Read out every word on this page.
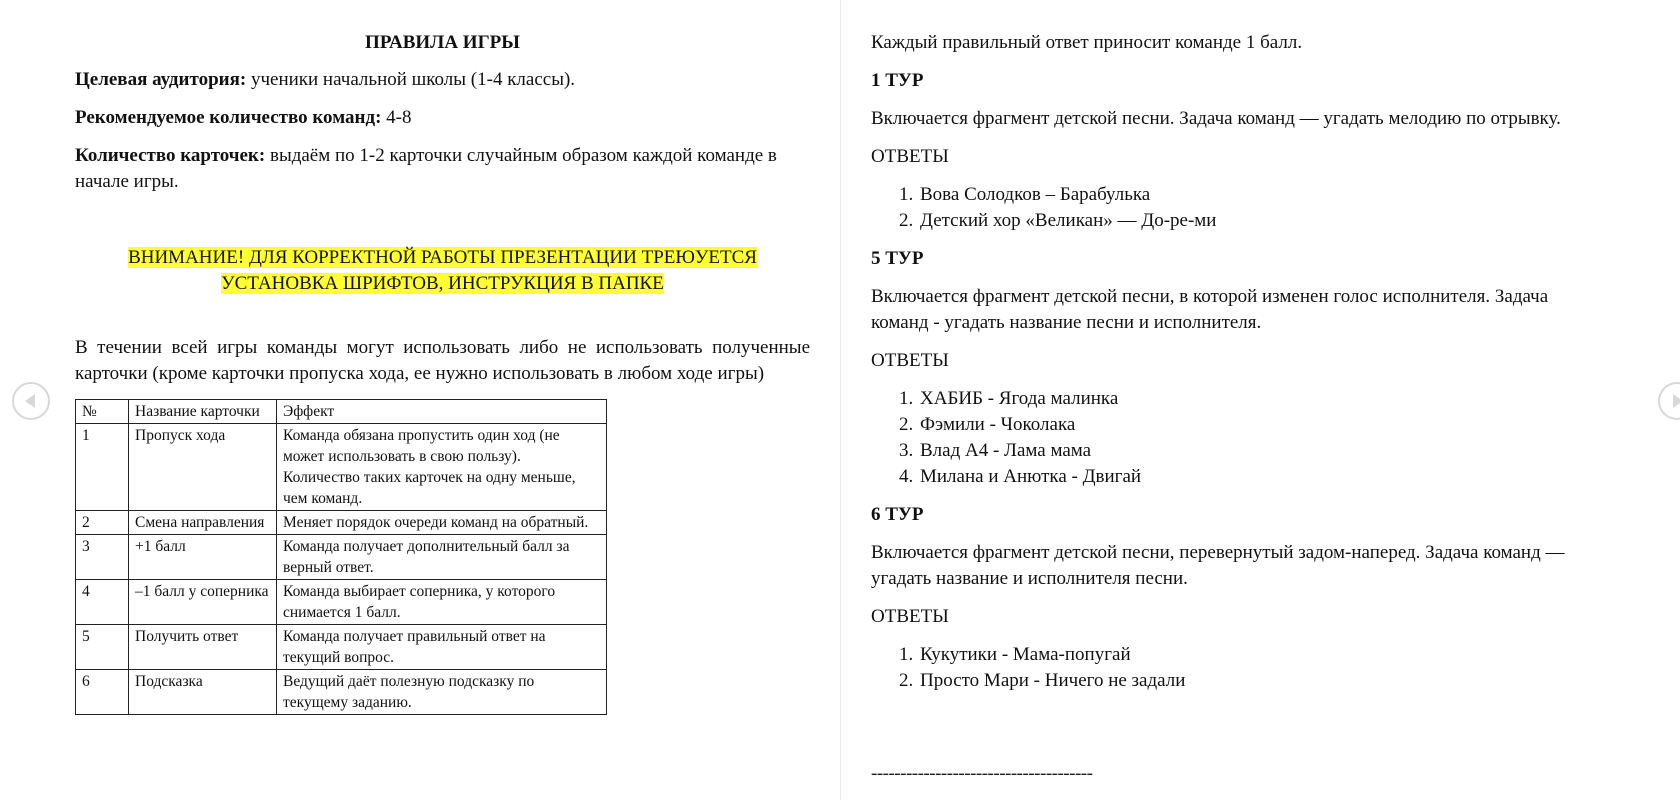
ПРАВИЛА ИГРЫ

Целевая аудитория: ученики начальной школы (1-4 классы).

Рекомендуемое количество команд: 4-8

Количество карточек: выдаём по 1-2 карточки случайным образом каждой команде в начале игры.

ВНИМАНИЕ! ДЛЯ КОРРЕКТНОЙ РАБОТЫ ПРЕЗЕНТАЦИИ ТРЕЮУЕТСЯ УСТАНОВКА ШРИФТОВ, ИНСТРУКЦИЯ В ПАПКЕ

В течении всей игры команды могут использовать либо не использовать полученные карточки (кроме карточки пропуска хода, ее нужно использовать в любом ходе игры)

№	Название карточки	Эффект
1	Пропуск хода	Команда обязана пропустить один ход (не может использовать в свою пользу). Количество таких карточек на одну меньше, чем команд.
2	Смена направления	Меняет порядок очереди команд на обратный.
3	+1 балл	Команда получает дополнительный балл за верный ответ.
4	–1 балл у соперника	Команда выбирает соперника, у которого снимается 1 балл.
5	Получить ответ	Команда получает правильный ответ на текущий вопрос.
6	Подсказка	Ведущий даёт полезную подсказку по текущему заданию.

Каждый правильный ответ приносит команде 1 балл.

1 ТУР

Включается фрагмент детской песни. Задача команд — угадать мелодию по отрывку.

ОТВЕТЫ

1. Вова Солодков – Барабулька
2. Детский хор «Великан» — До-ре-ми
5 ТУР

Включается фрагмент детской песни, в которой изменен голос исполнителя. Задача команд - угадать название песни и исполнителя.

ОТВЕТЫ

1. ХАБИБ - Ягода малинка
2. Фэмили - Чоколака
3. Влад А4 - Лама мама
4. Милана и Анютка - Двигай
6 ТУР

Включается фрагмент детской песни, перевернутый задом-наперед. Задача команд — угадать название и исполнителя песни.

ОТВЕТЫ

1. Кукутики - Мама-попугай
2. Просто Мари - Ничего не задали
--------------------------------------
